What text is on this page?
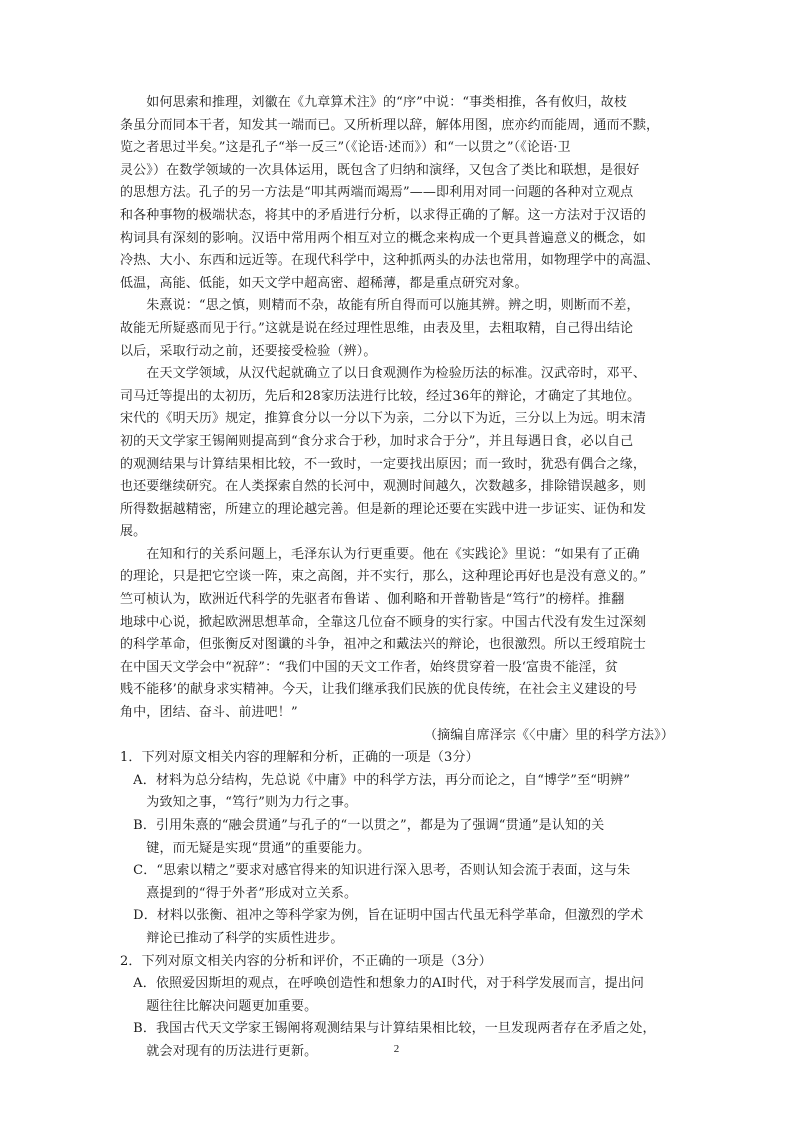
　　如何思索和推理，刘徽在《九章算术注》的“序”中说：“事类相推，各有攸归，故枝
条虽分而同本干者，知发其一端而已。又所析理以辞，解体用图，庶亦约而能周，通而不黩，
览之者思过半矣。”这是孔子“举一反三”（《论语·述而》）和“一以贯之”（《论语·卫
灵公》）在数学领域的一次具体运用，既包含了归纳和演绎，又包含了类比和联想，是很好
的思想方法。孔子的另一方法是“叩其两端而竭焉”——即利用对同一问题的各种对立观点
和各种事物的极端状态，将其中的矛盾进行分析，以求得正确的了解。这一方法对于汉语的
构词具有深刻的影响。汉语中常用两个相互对立的概念来构成一个更具普遍意义的概念，如
冷热、大小、东西和远近等。在现代科学中，这种抓两头的办法也常用，如物理学中的高温、
低温，高能、低能，如天文学中超高密、超稀薄，都是重点研究对象。
　　朱熹说：“思之慎，则精而不杂，故能有所自得而可以施其辨。辨之明，则断而不差，
故能无所疑惑而见于行。”这就是说在经过理性思维，由表及里，去粗取精，自己得出结论
以后，采取行动之前，还要接受检验（辨）。
　　在天文学领域，从汉代起就确立了以日食观测作为检验历法的标准。汉武帝时，邓平、
司马迁等提出的太初历，先后和28家历法进行比较，经过36年的辩论，才确定了其地位。
宋代的《明天历》规定，推算食分以一分以下为亲，二分以下为近，三分以上为远。明末清
初的天文学家王锡阐则提高到“食分求合于秒，加时求合于分”，并且每遇日食，必以自己
的观测结果与计算结果相比较，不一致时，一定要找出原因；而一致时，犹恐有偶合之缘，
也还要继续研究。在人类探索自然的长河中，观测时间越久，次数越多，排除错误越多，则
所得数据越精密，所建立的理论越完善。但是新的理论还要在实践中进一步证实、证伪和发
展。
　　在知和行的关系问题上，毛泽东认为行更重要。他在《实践论》里说：“如果有了正确
的理论，只是把它空谈一阵，束之高阁，并不实行，那么，这种理论再好也是没有意义的。”
竺可桢认为，欧洲近代科学的先驱者布鲁诺 、伽利略和开普勒皆是“笃行”的榜样。推翻
地球中心说，掀起欧洲思想革命，全靠这几位奋不顾身的实行家。中国古代没有发生过深刻
的科学革命，但张衡反对图谶的斗争，祖冲之和戴法兴的辩论，也很激烈。所以王绶琯院士
在中国天文学会中“祝辞”：“我们中国的天文工作者，始终贯穿着一股‘富贵不能淫，贫
贱不能移’的献身求实精神。今天，让我们继承我们民族的优良传统，在社会主义建设的号
角中，团结、奋斗、前进吧！”
（摘编自席泽宗《〈中庸〉里的科学方法》）
1．下列对原文相关内容的理解和分析，正确的一项是（3分）
　A．材料为总分结构，先总说《中庸》中的科学方法，再分而论之，自“博学”至“明辨”
　　为致知之事，“笃行”则为力行之事。
　B．引用朱熹的“融会贯通”与孔子的“一以贯之”，都是为了强调“贯通”是认知的关
　　键，而无疑是实现“贯通”的重要能力。
　C．“思索以精之”要求对感官得来的知识进行深入思考，否则认知会流于表面，这与朱
　　熹提到的“得于外者”形成对立关系。
　D．材料以张衡、祖冲之等科学家为例，旨在证明中国古代虽无科学革命，但激烈的学术
　　辩论已推动了科学的实质性进步。
2．下列对原文相关内容的分析和评价，不正确的一项是（3分）
　A．依照爱因斯坦的观点，在呼唤创造性和想象力的AI时代，对于科学发展而言，提出问
　　题往往比解决问题更加重要。
　B．我国古代天文学家王锡阐将观测结果与计算结果相比较，一旦发现两者存在矛盾之处，
　　就会对现有的历法进行更新。	2
